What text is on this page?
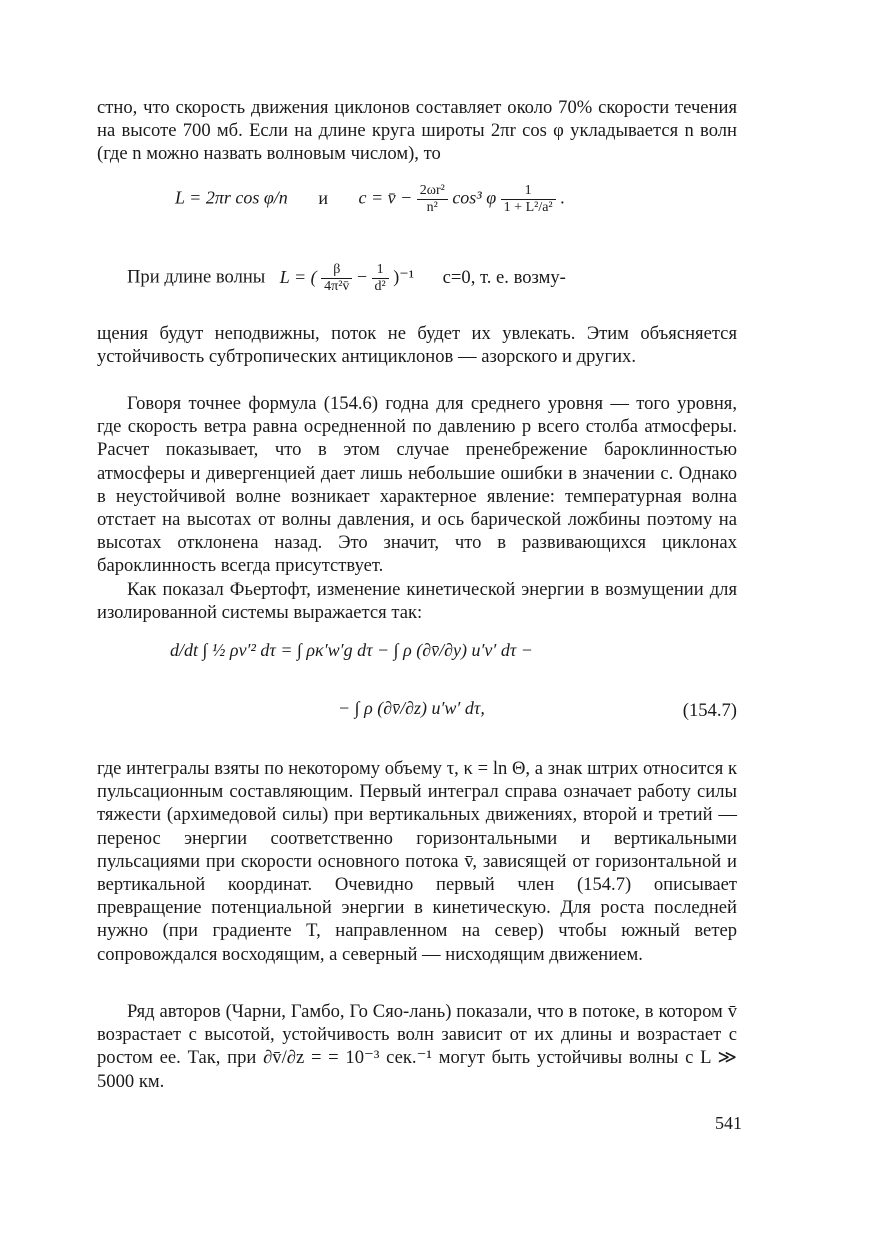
стно, что скорость движения циклонов составляет около 70% скорости течения на высоте 700 мб. Если на длине круга широты 2πr cos φ укладывается n волн (где n можно назвать волновым числом), то

L = 2πr cos φ/n и c = v̄ − $\frac{\text{2ωr²}}{\text{n²}} \cos^3$ φ $\frac{1}{\text{1 + L²/a²}}$ .
При длине волны L = ( $\frac{\beta}{\text{4π²v̄}} - \frac{1}{\text{d²}} )^{-1}$ c=0, т. е. возму-

щения будут неподвижны, поток не будет их увлекать. Этим объясняется устойчивость субтропических антициклонов — азорского и других.

Говоря точнее формула (154.6) годна для среднего уровня — того уровня, где скорость ветра равна осредненной по давлению p всего столба атмосферы. Расчет показывает, что в этом случае пренебрежение бароклинностью атмосферы и дивергенцией дает лишь небольшие ошибки в значении c. Однако в неустойчивой волне возникает характерное явление: температурная волна отстает на высотах от волны давления, и ось барической ложбины поэтому на высотах отклонена назад. Это значит, что в развивающихся циклонах бароклинность всегда присутствует.

Как показал Фьертофт, изменение кинетической энергии в возмущении для изолированной системы выражается так:

d/dt ∫ ½ ρv′² dτ = ∫ ρκ′w′g dτ − ∫ ρ (∂v̄/∂y) u′v′ dτ −
− ∫ ρ (∂v̄/∂z) u′w′ dτ,	(154.7)

где интегралы взяты по некоторому объему τ, κ = ln Θ, а знак штрих относится к пульсационным составляющим. Первый интеграл справа означает работу силы тяжести (архимедовой силы) при вертикальных движениях, второй и третий — перенос энергии соответственно горизонтальными и вертикальными пульсациями при скорости основного потока v̄, зависящей от горизонтальной и вертикальной координат. Очевидно первый член (154.7) описывает превращение потенциальной энергии в кинетическую. Для роста последней нужно (при градиенте T, направленном на север) чтобы южный ветер сопровождался восходящим, а северный — нисходящим движением.

Ряд авторов (Чарни, Гамбо, Го Сяо-лань) показали, что в потоке, в котором v̄ возрастает с высотой, устойчивость волн зависит от их длины и возрастает с ростом ее. Так, при ∂v̄/∂z = = 10⁻³ сек.⁻¹ могут быть устойчивы волны с L ≫ 5000 км.

541
